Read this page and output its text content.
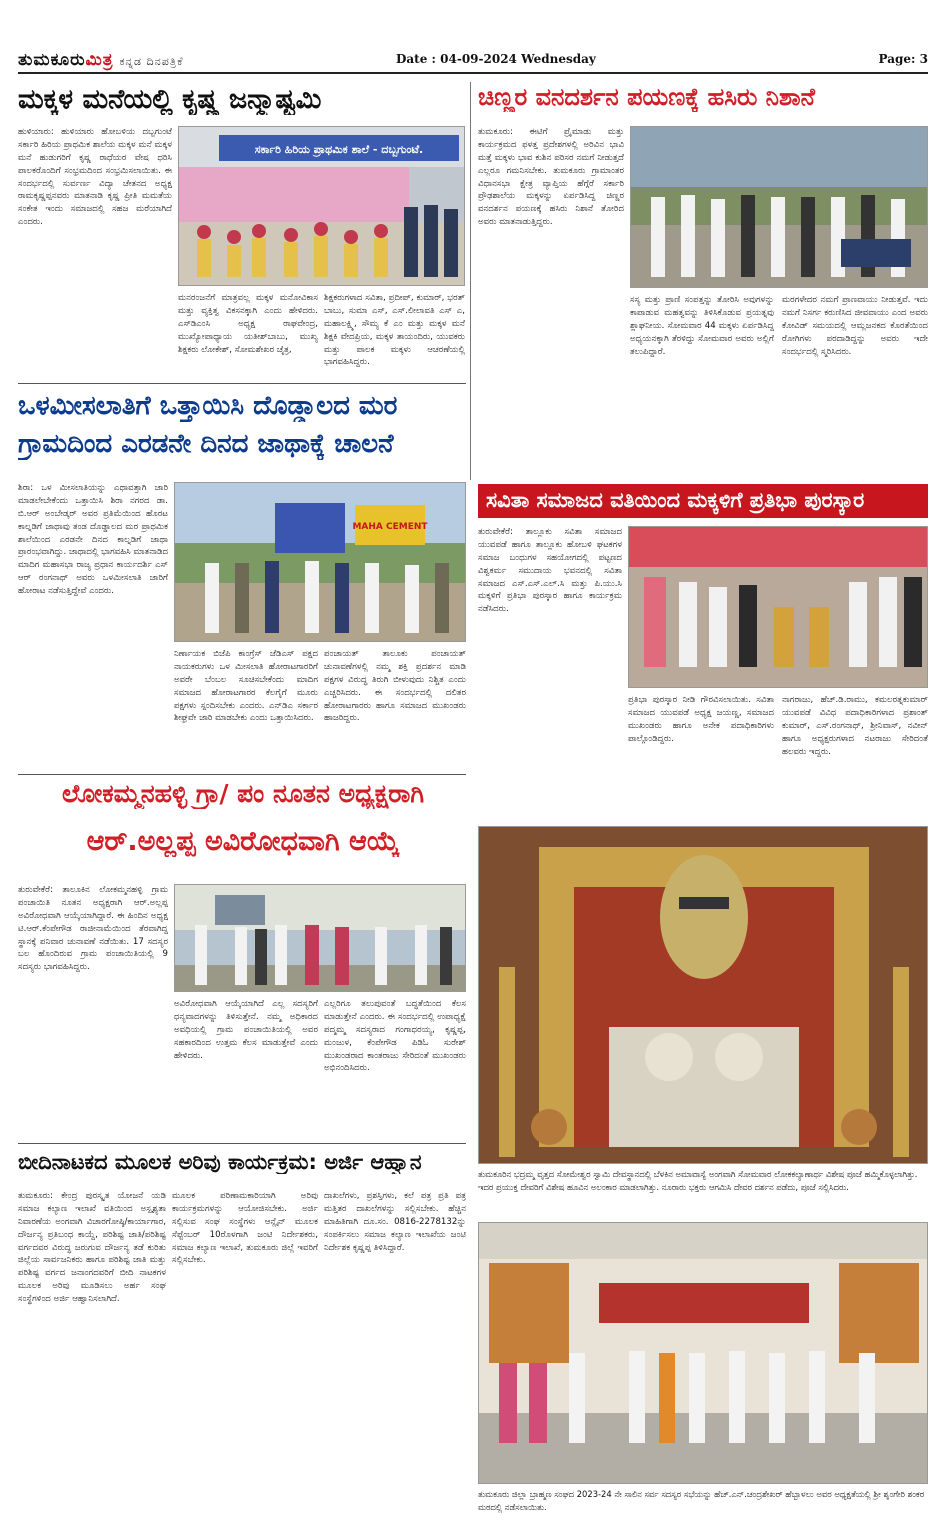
ತುಮಕೂರುಮಿತ್ರ ಕನ್ನಡ ದಿನಪತ್ರಿಕೆ	Date : 04-09-2024 Wednesday	Page: 3
ಮಕ್ಕಳ ಮನೆಯಲ್ಲಿ ಕೃಷ್ಣ ಜನ್ಮಾಷ್ಟಮಿ
ಹುಳಿಯಾರು: ಹುಳಿಯಾರು ಹೋಬಳಿಯ ದಬ್ಬಗುಂಟೆ ಸರ್ಕಾರಿ ಹಿರಿಯ ಪ್ರಾಥಮಿಕ ಶಾಲೆಯ ಮಕ್ಕಳ ಮನೆ ಮಕ್ಕಳ ಮನೆ ಹುಡುಗರಿಗೆ ಕೃಷ್ಣ ರಾಧೆಯರ ವೇಷ ಧರಿಸಿ ಪಾಲಕರೊಂದಿಗೆ ಸಂಭ್ರಮದಿಂದ ಸಂಭ್ರಮಿಸಲಾಯಿತು. ಈ ಸಂದರ್ಭದಲ್ಲಿ ಸುರ್ವರ್ಣ ವಿದ್ಯಾ ಚೇತನದ ಅಧ್ಯಕ್ಷ ರಾಮಕೃಷ್ಣಪ್ಪನವರು ಮಾತನಾಡಿ ಕೃಷ್ಣ ಪ್ರೀತಿ ಮಮತೆಯ ಸಂಕೇತ ಇಂದು ಸಮಾಜದಲ್ಲಿ ಸಹಜ ಮರೆಯಾಗಿದೆ ಎಂದರು.
ಸರ್ಕಾರಿ ಹಿರಿಯ ಪ್ರಾಥಮಿಕ ಶಾಲೆ - ದಬ್ಬಗುಂಟೆ.
ಮನರಂಜನೆಗೆ ಮಾತ್ರವಲ್ಲ ಮಕ್ಕಳ ಮನೋವಿಕಾಸ ಮತ್ತು ವ್ಯಕ್ತಿತ್ವ ವಿಕಸನಕ್ಕಾಗಿ ಎಂದು ಹೇಳಿದರು. ಎಸ್‌ಡಿಎಂಸಿ ಅಧ್ಯಕ್ಷ ರಾಘವೇಂದ್ರ, ಮುಖ್ಯೋಪಾಧ್ಯಾಯ ಯತೀಶ್‌ಬಾಬು, ಮುಖ್ಯ ಶಿಕ್ಷಕರು ಲೋಕೇಶ್, ಸೋಮಶೇಖರ ಚೈತ್ರ,
ಶಿಕ್ಷಕರುಗಳಾದ ಸವಿತಾ, ಪ್ರದೀಪ್, ಕುಮಾರ್, ಭರತ್ ಬಾಬು, ಸುಮಾ ಎಸ್, ಎಸ್.ಲೀಲಾವತಿ ಎಸ್ ಎ, ಮಹಾಲಕ್ಷ್ಮಿ, ಸೌಮ್ಯ ಕೆ ಎಂ ಮತ್ತು ಮಕ್ಕಳ ಮನೆ ಶಿಕ್ಷಕಿ ವೇದಪ್ರಿಯ, ಮಕ್ಕಳ ತಾಯಂದಿರು, ಯುವಕರು ಮತ್ತು ಪಾಲಕ ಮಕ್ಕಳು ಆಚರಣೆಯಲ್ಲಿ ಭಾಗವಹಿಸಿದ್ದರು.
ಚಿಣ್ಣರ ವನದರ್ಶನ ಪಯಣಕ್ಕೆ ಹಸಿರು ನಿಶಾನೆ
ತುಮಕೂರು: ಈಟಿಗೆ ಪ್ರೈಮಾಡು ಮತ್ತು ಕಾರ್ಯಕ್ರಮದ ಫಳತ್ತ ಪ್ರದೇಶಗಳಲ್ಲಿ ಅರಿವಿನ ಭಾವಿ ಮತ್ತೆ ಮಕ್ಕಳು ಭಾವ ಕುಶಿನ ಪರಿಸರ ನಮಗೆ ನೀಡುತ್ತದೆ ಎಲ್ಲರೂ ಗಮನಿಸಬೇಕು. ತುಮಕೂರು ಗ್ರಾಮಾಂತರ ವಿಧಾನಸಭಾ ಕ್ಷೇತ್ರ ವ್ಯಾಪ್ತಿಯ ಹೆಗ್ಗೆರೆ ಸರ್ಕಾರಿ ಪ್ರೌಢಶಾಲೆಯ ಮಕ್ಕಳನ್ನು ಏರ್ಪಡಿಸಿದ್ದ ಚಿಣ್ಣರ ವನದರ್ಶನ ಪಯಣಕ್ಕೆ ಹಸಿರು ನಿಶಾನೆ ತೋರಿದ ಅವರು ಮಾತನಾಡುತ್ತಿದ್ದರು.
ಸಸ್ಯ ಮತ್ತು ಪ್ರಾಣಿ ಸಂಪತ್ತನ್ನು ತೋರಿಸಿ ಅವುಗಳನ್ನು ಕಾಪಾಡುವ ಮಹತ್ವವನ್ನು ತಿಳಿಸಿಕೊಡುವ ಪ್ರಯತ್ನವು ಶ್ಲಾಘನೀಯ. ಸೋಮವಾರ 44 ಮಕ್ಕಳು ಏರ್ಪಡಿಸಿದ್ದ ಅಧ್ಯಯನಕ್ಕಾಗಿ ತೆರಳಿದ್ದು ಸೋಮವಾರ ಅವರು ಅಲ್ಲಿಗೆ ತಲುಪಿದ್ದಾರೆ.
ಮರಗಳೇದರ ನಮಗೆ ಪ್ರಾಣವಾಯು ನೀಡುತ್ತವೆ. ಇದು ನಮಗೆ ನಿಸರ್ಗ ಕರುಣಿಸಿದ ಜೀವವಾಯು ಎಂದ ಅವರು ಕೋವಿಡ್ ಸಮಯದಲ್ಲಿ ಆಮ್ಲಜನಕದ ಕೊರತೆಯಿಂದ ರೋಗಿಗಳು ಪರದಾಡಿದ್ದನ್ನು ಅವರು ಇದೇ ಸಂದರ್ಭದಲ್ಲಿ ಸ್ಮರಿಸಿದರು.
ಒಳಮೀಸಲಾತಿಗೆ ಒತ್ತಾಯಿಸಿ ದೊಡ್ಡಾಲದ ಮರ
ಗ್ರಾಮದಿಂದ ಎರಡನೇ ದಿನದ ಜಾಥಾಕ್ಕೆ ಚಾಲನೆ
ಶಿರಾ: ಒಳ ಮೀಸಲಾತಿಯನ್ನು ಎಥಾವತ್ತಾಗಿ ಜಾರಿ ಮಾಡಲೇಬೇಕೆಂದು ಒತ್ತಾಯಿಸಿ ಶಿರಾ ನಗರದ ಡಾ. ಬಿ.ಆರ್ ಅಂಬೇಡ್ಕರ್ ಅವರ ಪ್ರತಿಮೆಯಿಂದ ಹೊರಟ ಕಾಲ್ನಡಿಗೆ ಜಾಥಾವು ತಂಡ ದೊಡ್ಡಾಲದ ಮರ ಪ್ರಾಥಮಿಕ ಶಾಲೆಯಿಂದ ಎರಡನೇ ದಿನದ ಕಾಲ್ನಡಿಗೆ ಜಾಥಾ ಪ್ರಾರಂಭವಾಗಿದ್ದು. ಜಾಥಾದಲ್ಲಿ ಭಾಗವಹಿಸಿ ಮಾತನಾಡಿದ ಮಾದಿಗ ಮಹಾಸಭಾ ರಾಜ್ಯ ಪ್ರಧಾನ ಕಾರ್ಯದರ್ಶಿ ಎಸ್ ಆರ್ ರಂಗನಾಥ್ ಅವರು ಒಳಮೀಸಲಾತಿ ಜಾರಿಗೆ ಹೋರಾಟ ನಡೆಸುತ್ತಿದ್ದೇವೆ ಎಂದರು.
MAHA CEMENT
ನಿರ್ಣಾಯಕ ಬಿಜೆಪಿ ಕಾಂಗ್ರೆಸ್ ಜೆಡಿಎಸ್ ಪಕ್ಷದ ನಾಯಕರುಗಳು ಒಳ ಮೀಸಲಾತಿ ಹೋರಾಟಗಾರರಿಗೆ ಅವರೇ ಬೆಂಬಲ ಸೂಚಿಸಬೇಕೆಂದು ಮಾದಿಗ ಸಮಾಜದ ಹೋರಾಟಗಾರರ ಕೆಲಗೈಗೆ ಮೂರು ಪಕ್ಷಗಳು ಸ್ಪಂದಿಸಬೇಕು ಎಂದರು. ಎನ್‌ಡಿಎ ಸರ್ಕಾರ ಶೀಘ್ರವೇ ಜಾರಿ ಮಾಡಬೇಕು ಎಂದು ಒತ್ತಾಯಿಸಿದರು.
ಪಂಚಾಯತ್ ತಾಲೂಕು ಪಂಚಾಯತ್ ಚುನಾವಣೆಗಳಲ್ಲಿ ನಮ್ಮ ಶಕ್ತಿ ಪ್ರದರ್ಶನ ಮಾಡಿ ಪಕ್ಷಗಳ ವಿರುದ್ಧ ತಿರುಗಿ ಬೀಳುವುದು ನಿಶ್ಚಿತ ಎಂದು ಎಚ್ಚರಿಸಿದರು. ಈ ಸಂದರ್ಭದಲ್ಲಿ ದಲಿತರ ಹೋರಾಟಗಾರರು ಹಾಗೂ ಸಮಾಜದ ಮುಖಂಡರು ಹಾಜರಿದ್ದರು.
ಸವಿತಾ ಸಮಾಜದ ವತಿಯಿಂದ ಮಕ್ಕಳಿಗೆ ಪ್ರತಿಭಾ ಪುರಸ್ಕಾರ
ತುರುವೇಕೆರೆ: ತಾಲ್ಲೂಕು ಸವಿತಾ ಸಮಾಜದ ಯುವಪಡೆ ಹಾಗೂ ತಾಲ್ಲೂಕು ಹೋಬಳಿ ಘಟಕಗಳ ಸಮಾಜ ಬಂಧುಗಳ ಸಹಯೋಗದಲ್ಲಿ ಪಟ್ಟಣದ ವಿಶ್ವಕರ್ಮ ಸಮುದಾಯ ಭವನದಲ್ಲಿ ಸವಿತಾ ಸಮಾಜದ ಎಸ್.ಎಸ್.ಎಲ್.ಸಿ ಮತ್ತು ಪಿ.ಯು.ಸಿ ಮಕ್ಕಳಿಗೆ ಪ್ರತಿಭಾ ಪುರಸ್ಕಾರ ಹಾಗೂ ಕಾರ್ಯಕ್ರಮ ನಡೆಸಿದರು.
ಪ್ರತಿಭಾ ಪುರಸ್ಕಾರ ನೀಡಿ ಗೌರವಿಸಲಾಯಿತು. ಸವಿತಾ ಸಮಾಜದ ಯುವಪಡೆ ಅಧ್ಯಕ್ಷ ಜಯಣ್ಣ, ಸಮಾಜದ ಮುಖಂಡರು ಹಾಗೂ ಅನೇಕ ಪದಾಧಿಕಾರಿಗಳು ಪಾಲ್ಗೊಂಡಿದ್ದರು.
ನಾಗರಾಜು, ಹೆಚ್.ಡಿ.ರಾಮು, ಕಮಲರತ್ನಕುಮಾರ್ ಯುವಪಡೆ ವಿವಿಧ ಪದಾಧಿಕಾರಿಗಳಾದ ಪ್ರಶಾಂತ್ ಕುಮಾರ್, ಎಸ್.ರಂಗನಾಥ್, ಶ್ರೀನಿವಾಸ್, ನವೀನ್ ಹಾಗೂ ಅಧ್ಯಕ್ಷರುಗಳಾದ ನಟರಾಜು ಸೇರಿದಂತೆ ಹಲವರು ಇದ್ದರು.
ಲೋಕಮ್ಮನಹಳ್ಳಿ ಗ್ರಾ/ ಪಂ ನೂತನ ಅಧ್ಯಕ್ಷರಾಗಿ
ಆರ್.ಅಲ್ಲಪ್ಪ ಅವಿರೋಧವಾಗಿ ಆಯ್ಕೆ
ತುರುವೇಕೆರೆ: ತಾಲೂಕಿನ ಲೋಕಮ್ಮನಹಳ್ಳಿ ಗ್ರಾಮ ಪಂಚಾಯಿತಿ ನೂತನ ಅಧ್ಯಕ್ಷರಾಗಿ ಆರ್.ಅಲ್ಲಪ್ಪ ಅವಿರೋಧವಾಗಿ ಆಯ್ಕೆಯಾಗಿದ್ದಾರೆ. ಈ ಹಿಂದಿನ ಅಧ್ಯಕ್ಷ ಟಿ.ಆರ್.ಕೆಂಪೇಗೌಡ ರಾಜೀನಾಮೆಯಿಂದ ತೆರವಾಗಿದ್ದ ಸ್ಥಾನಕ್ಕೆ ಪನಿವಾರ ಚುನಾವಣೆ ನಡೆಯಿತು. 17 ಸದಸ್ಯರ ಬಲ ಹೊಂದಿರುವ ಗ್ರಾಮ ಪಂಚಾಯಿತಿಯಲ್ಲಿ 9 ಸದಸ್ಯರು ಭಾಗವಹಿಸಿದ್ದರು.
ಅವಿರೋಧವಾಗಿ ಆಯ್ಕೆಯಾಗಿದೆ ಎಲ್ಲ ಸದಸ್ಯರಿಗೆ ಧನ್ಯವಾದಗಳನ್ನು ತಿಳಿಸುತ್ತೇನೆ. ನಮ್ಮ ಅಧಿಕಾರದ ಅವಧಿಯಲ್ಲಿ ಗ್ರಾಮ ಪಂಚಾಯಿತಿಯಲ್ಲಿ ಅವರ ಸಹಕಾರದಿಂದ ಉತ್ತಮ ಕೆಲಸ ಮಾಡುತ್ತೇವೆ ಎಂದು ಹೇಳಿದರು.
ಎಲ್ಲರಿಗೂ ತಲುಪುವಂತೆ ಬದ್ಧತೆಯಿಂದ ಕೆಲಸ ಮಾಡುತ್ತೇನೆ ಎಂದರು. ಈ ಸಂದರ್ಭದಲ್ಲಿ ಉಪಾಧ್ಯಕ್ಷೆ ಪದ್ಮಮ್ಮ ಸದಸ್ಯರಾದ ಗಂಗಾಧರಯ್ಯ, ಕೃಷ್ಣಪ್ಪ, ಮಂಜುಳ, ಕೆಂಪೇಗೌಡ ಪಿಡಿಓ ಸುರೇಶ್ ಮುಖಂಡರಾದ ಕಾಂತರಾಜು ಸೇರಿದಂತೆ ಮುಖಂಡರು ಅಭಿನಂದಿಸಿದರು.
ತುಮಕೂರಿನ ಭದ್ರಮ್ಮ ವೃತ್ತದ ಸೋಮೇಶ್ವರ ಸ್ವಾಮಿ ದೇವಸ್ಥಾನದಲ್ಲಿ ಬೆಳಕಿನ ಅಮಾವಾಸ್ಯೆ ಅಂಗವಾಗಿ ಸೋಮವಾರ ಲೋಕಕಲ್ಯಾಣಾರ್ಥ ವಿಶೇಷ ಪೂಜೆ ಹಮ್ಮಿಕೊಳ್ಳಲಾಗಿತ್ತು. ಇದರ ಪ್ರಯುಕ್ತ ದೇವರಿಗೆ ವಿಶೇಷ ಹೂವಿನ ಅಲಂಕಾರ ಮಾಡಲಾಗಿತ್ತು. ನೂರಾರು ಭಕ್ತರು ಆಗಮಿಸಿ ದೇವರ ದರ್ಶನ ಪಡೆದು, ಪೂಜೆ ಸಲ್ಲಿಸಿದರು.
ಬೀದಿನಾಟಕದ ಮೂಲಕ ಅರಿವು ಕಾರ್ಯಕ್ರಮ: ಅರ್ಜಿ ಆಹ್ವಾನ
ತುಮಕೂರು: ಕೇಂದ್ರ ಪುರಸ್ಕೃತ ಯೋಜನೆ ಯಡಿ ಸಮಾಜ ಕಲ್ಯಾಣ ಇಲಾಖೆ ವತಿಯಿಂದ ಅಸ್ಪೃಶ್ಯತಾ ನಿವಾರಣೆಯ ಅಂಗವಾಗಿ ವಿಚಾರಗೋಷ್ಠಿ/ಕಾರ್ಯಾಗಾರ, ದೌರ್ಜನ್ಯ ಪ್ರತಿಬಂಧ ಕಾಯ್ದೆ, ಪರಿಶಿಷ್ಟ ಜಾತಿ/ಪರಿಶಿಷ್ಟ ವರ್ಗದವರ ವಿರುದ್ಧ ಜರುಗುವ ದೌರ್ಜನ್ಯ ತಡೆ ಕುರಿತು ಜಿಲ್ಲೆಯ ಸಾರ್ವಜನಿಕರು ಹಾಗೂ ಪರಿಶಿಷ್ಟ ಜಾತಿ ಮತ್ತು ಪರಿಶಿಷ್ಟ ವರ್ಗದ ಜನಾಂಗದವರಿಗೆ ಬೀದಿ ನಾಟಕಗಳ ಮೂಲಕ ಅರಿವು ಮೂಡಿಸಲು ಅರ್ಹ ಸಂಘ ಸಂಸ್ಥೆಗಳಿಂದ ಅರ್ಜಿ ಆಹ್ವಾನಿಸಲಾಗಿದೆ.
ಮೂಲಕ ಪರಿಣಾಮಕಾರಿಯಾಗಿ ಅರಿವು ಕಾರ್ಯಕ್ರಮಗಳನ್ನು ಆಯೋಜಿಸಬೇಕು. ಅರ್ಜಿ ಸಲ್ಲಿಸುವ ಸಂಘ ಸಂಸ್ಥೆಗಳು ಆನ್ಲೈನ್ ಮೂಲಕ ಸೆಪ್ಟೆಂಬರ್ 10ರೊಳಗಾಗಿ ಜಂಟಿ ನಿರ್ದೇಶಕರು, ಸಮಾಜ ಕಲ್ಯಾಣ ಇಲಾಖೆ, ತುಮಕೂರು ಜಿಲ್ಲೆ ಇವರಿಗೆ ಸಲ್ಲಿಸಬೇಕು.
ದಾಖಲೆಗಳು, ಪ್ರಶಸ್ತಿಗಳು, ಕಲೆ ಪತ್ರ ಪ್ರತಿ ಪತ್ರ ಮತ್ತಿತರ ದಾಖಲೆಗಳನ್ನು ಸಲ್ಲಿಸಬೇಕು. ಹೆಚ್ಚಿನ ಮಾಹಿತಿಗಾಗಿ ದೂ.ಸಂ. 0816-2278132ನ್ನು ಸಂಪರ್ಕಿಸಲು ಸಮಾಜ ಕಲ್ಯಾಣ ಇಲಾಖೆಯ ಜಂಟಿ ನಿರ್ದೇಶಕ ಕೃಷ್ಣಪ್ಪ ತಿಳಿಸಿದ್ದಾರೆ.
ತುಮಕೂರು ಜಿಲ್ಲಾ ಬ್ರಾಹ್ಮಣ ಸಂಘದ 2023-24 ನೇ ಸಾಲಿನ ಸರ್ವ ಸದಸ್ಯರ ಸಭೆಯನ್ನು ಹೆಚ್.ಎನ್.ಚಂದ್ರಶೇಖರ್ ಹೆಬ್ಬಾಳಲು ಅವರ ಅಧ್ಯಕ್ಷತೆಯಲ್ಲಿ ಶ್ರೀ ಶೃಂಗೇರಿ ಶಂಕರ ಮಠದಲ್ಲಿ ನಡೆಸಲಾಯಿತು.
